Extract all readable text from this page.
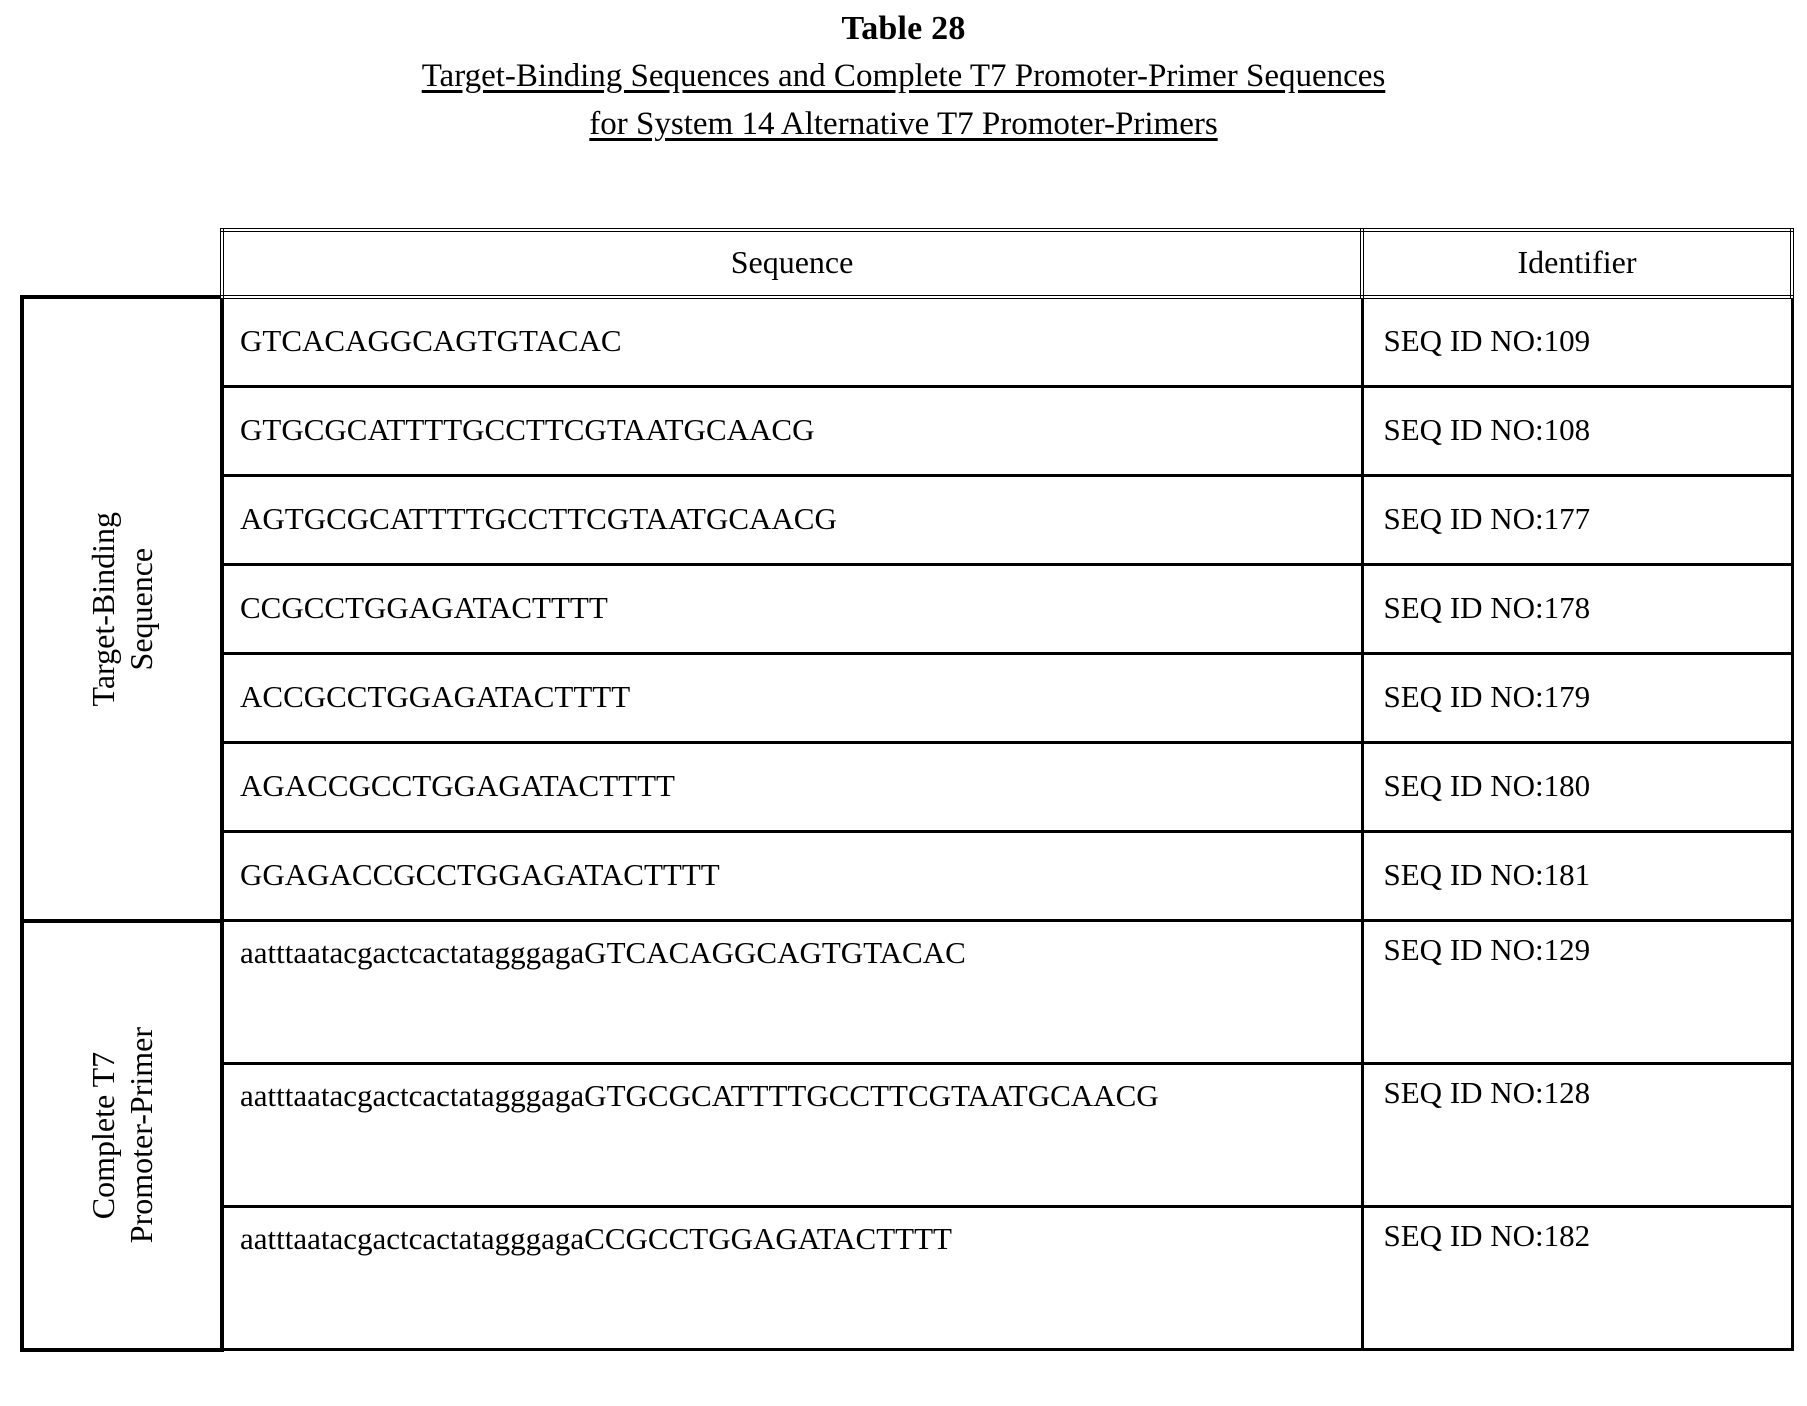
Table 28
Target-Binding Sequences and Complete T7 Promoter-Primer Sequences
for System 14 Alternative T7 Promoter-Primers
	Sequence	Identifier

Target-Binding
Sequence	GTCACAGGCAGTGTACAC	SEQ ID NO:109
	GTGCGCATTTTGCCTTCGTAATGCAACG	SEQ ID NO:108
	AGTGCGCATTTTGCCTTCGTAATGCAACG	SEQ ID NO:177
	CCGCCTGGAGATACTTTT	SEQ ID NO:178
	ACCGCCTGGAGATACTTTT	SEQ ID NO:179
	AGACCGCCTGGAGATACTTTT	SEQ ID NO:180
	GGAGACCGCCTGGAGATACTTTT	SEQ ID NO:181

Complete T7
Promoter-Primer	aatttaatacgactcactatagggagaGTCACAGGCAGTGTACAC	SEQ ID NO:129
	aatttaatacgactcactatagggagaGTGCGCATTTTGCCTTCGTAATGCAACG	SEQ ID NO:128
	aatttaatacgactcactatagggagaCCGCCTGGAGATACTTTT	SEQ ID NO:182
